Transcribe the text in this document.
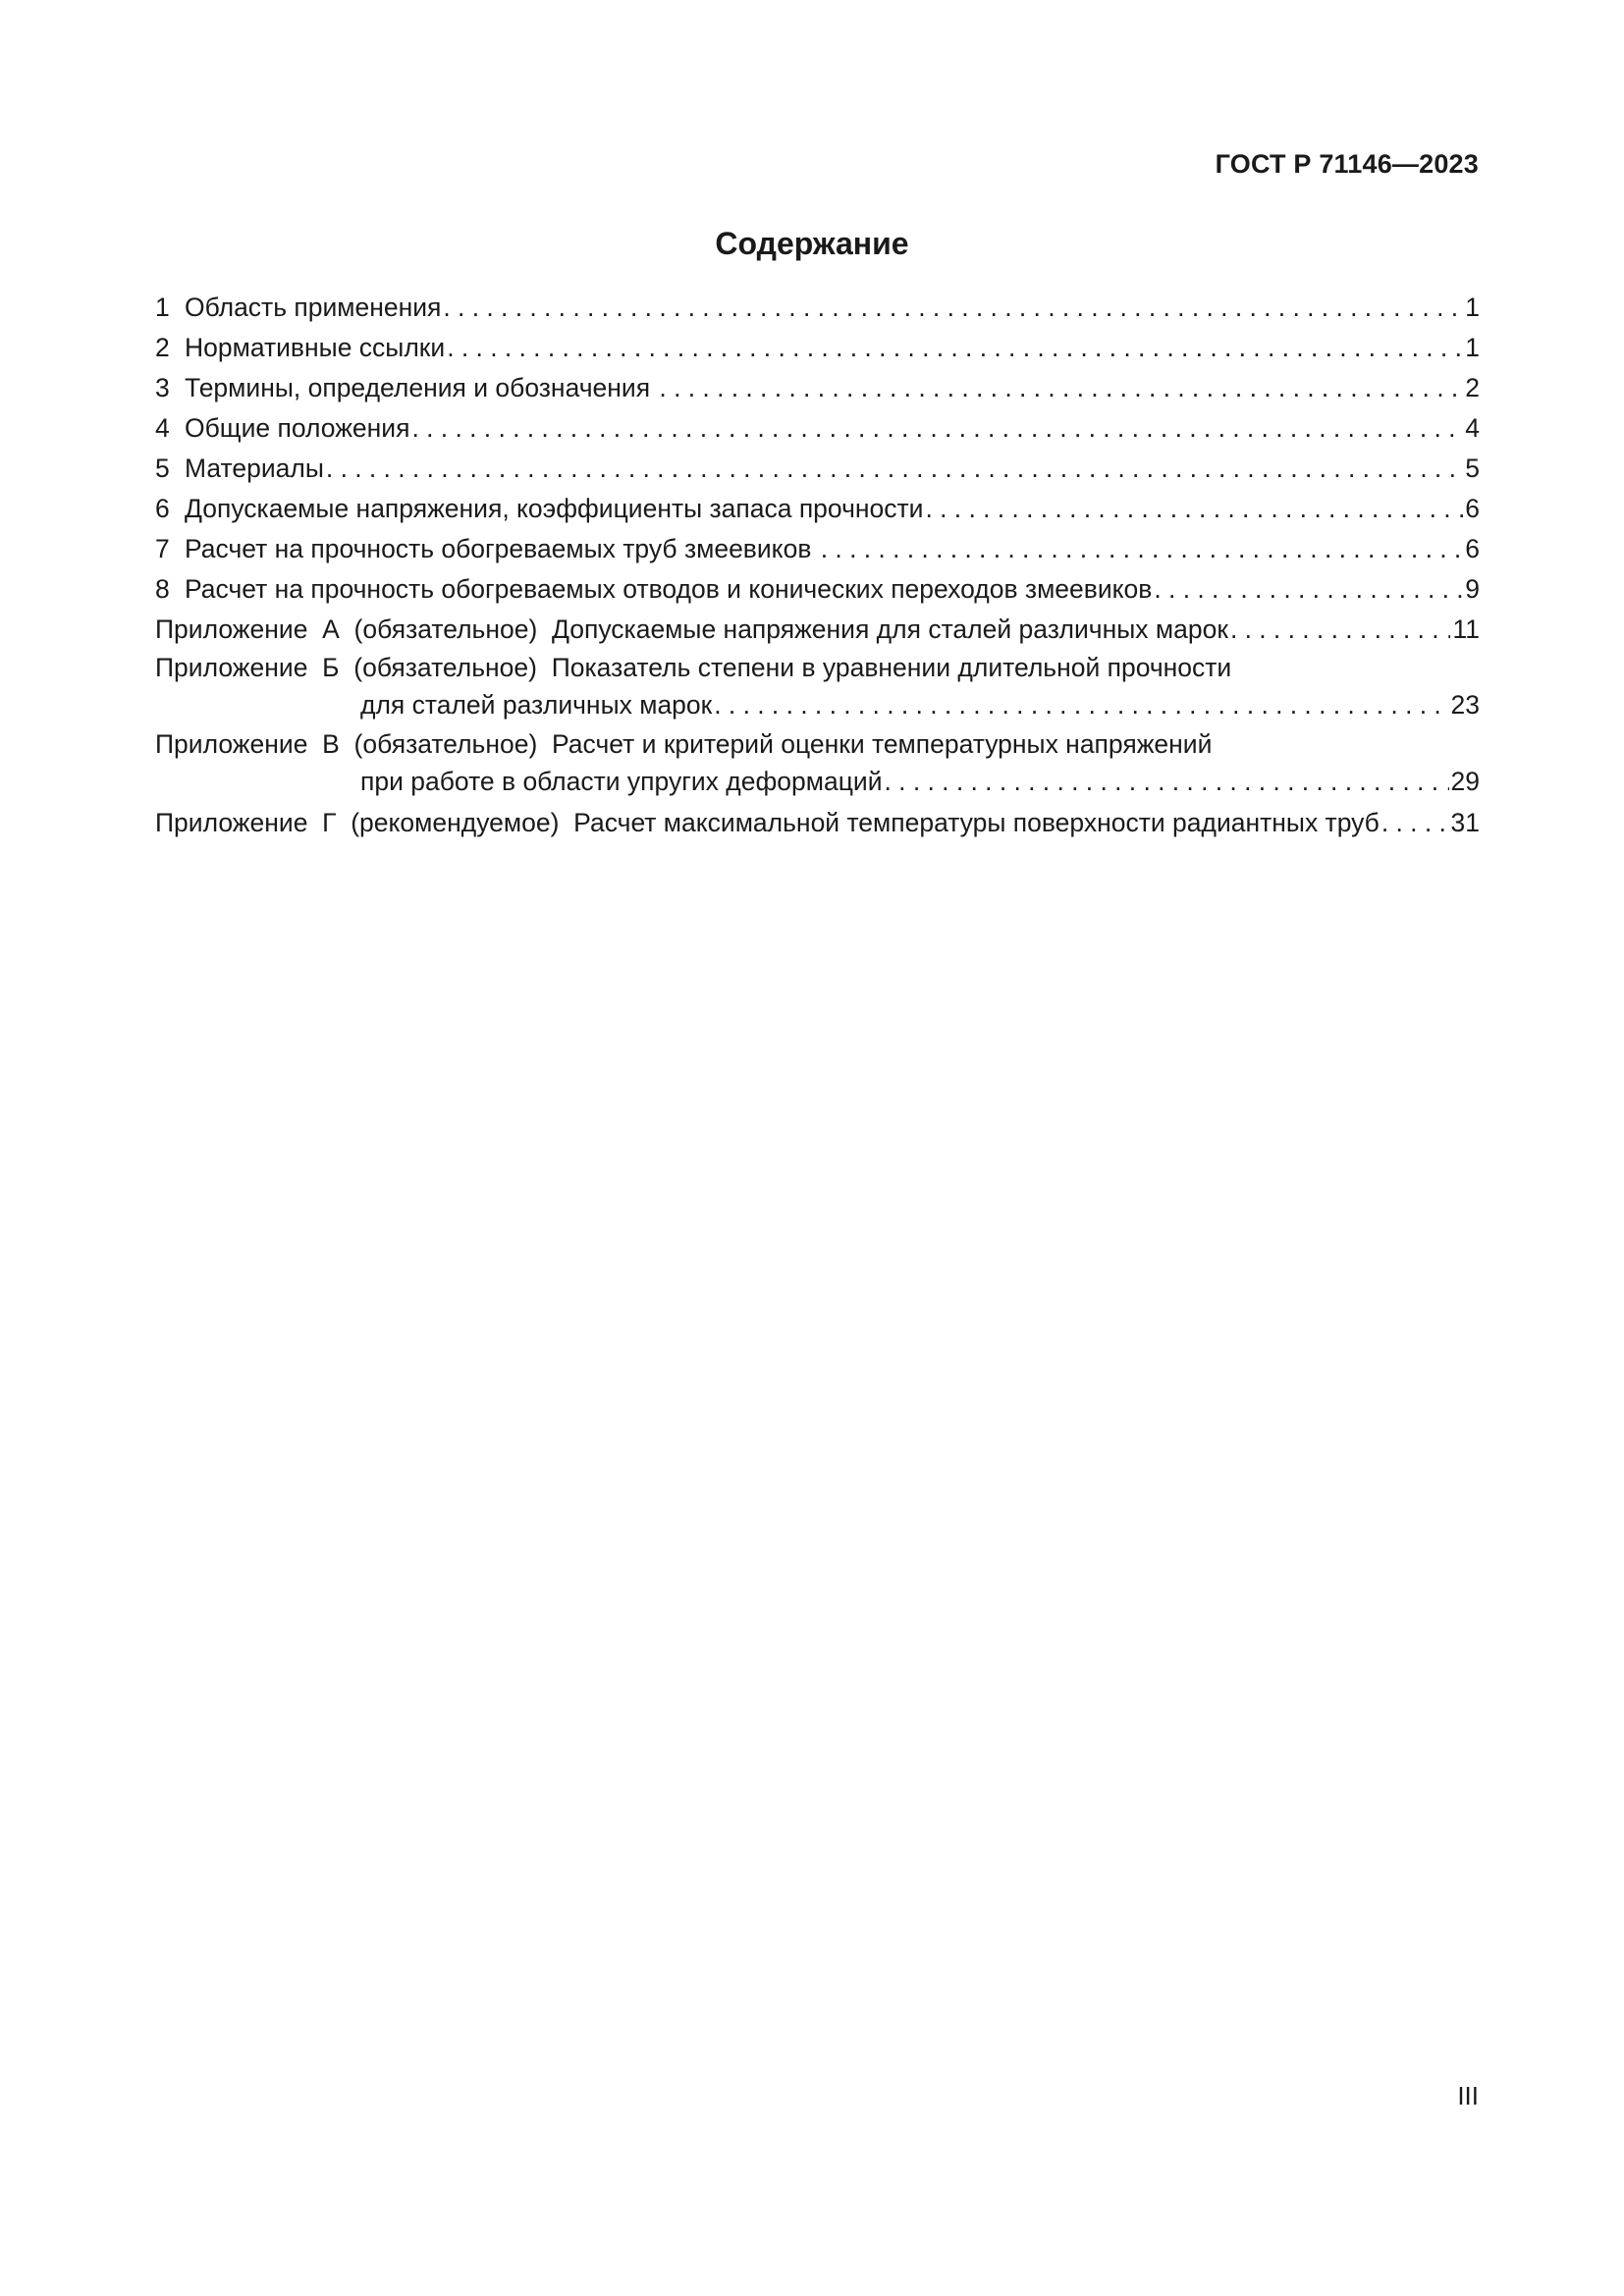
ГОСТ Р 71146—2023
Содержание
1 Область применения .....	1
2 Нормативные ссылки .....	1
3 Термины, определения и обозначения .....	2
4 Общие положения .....	4
5 Материалы .....	5
6 Допускаемые напряжения, коэффициенты запаса прочности .....	6
7 Расчет на прочность обогреваемых труб змеевиков .....	6
8 Расчет на прочность обогреваемых отводов и конических переходов змеевиков .....	9
Приложение  А  (обязательное) Допускаемые напряжения для сталей различных марок .....	11
Приложение  Б  (обязательное) Показатель степени в уравнении длительной прочности
для сталей различных марок .....	23
Приложение  В  (обязательное) Расчет и критерий оценки температурных напряжений
при работе в области упругих деформаций .....	29
Приложение  Г  (рекомендуемое) Расчет максимальной температуры поверхности радиантных труб .....	31
III
